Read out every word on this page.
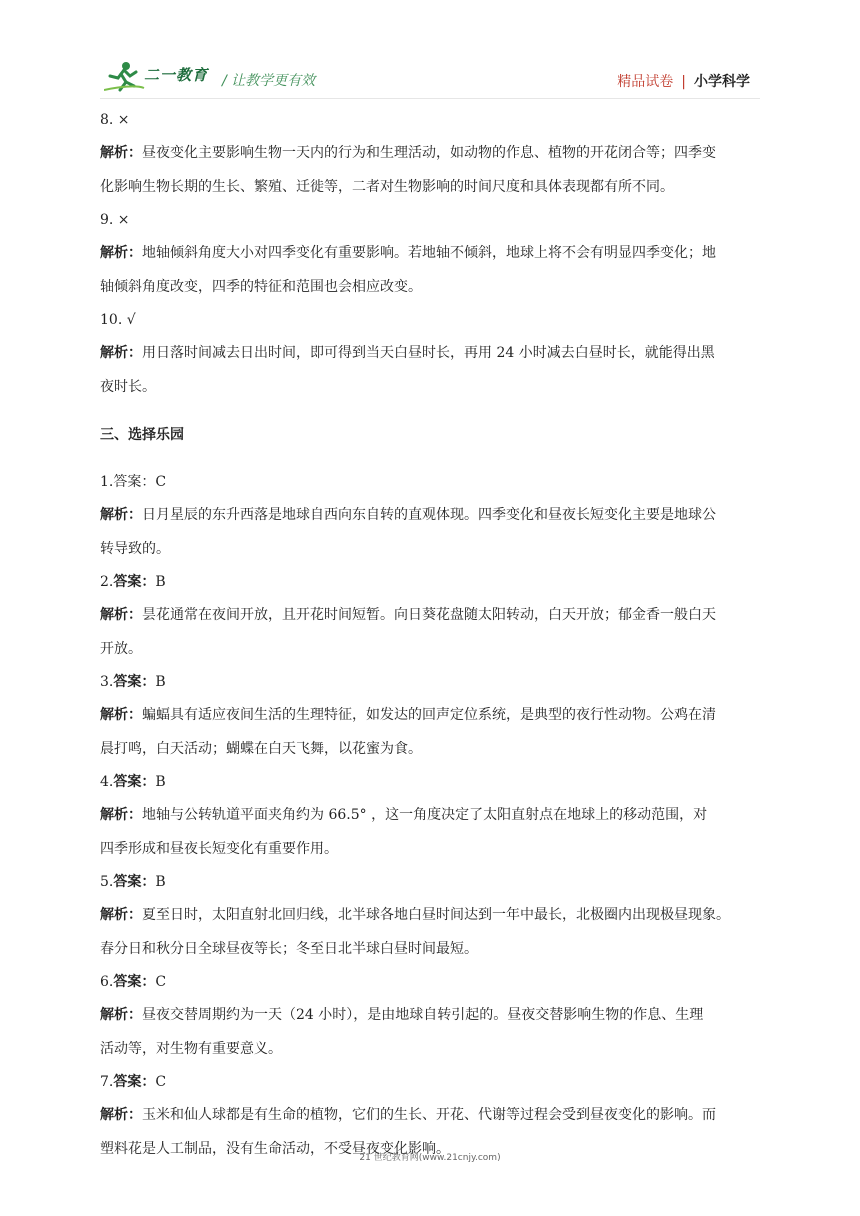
二一教育 / 让教学更有效	精品试卷 | 小学科学

8. ×

解析：昼夜变化主要影响生物一天内的行为和生理活动，如动物的作息、植物的开花闭合等；四季变

化影响生物长期的生长、繁殖、迁徙等，二者对生物影响的时间尺度和具体表现都有所不同。

9. ×

解析：地轴倾斜角度大小对四季变化有重要影响。若地轴不倾斜，地球上将不会有明显四季变化；地

轴倾斜角度改变，四季的特征和范围也会相应改变。

10. √

解析：用日落时间减去日出时间，即可得到当天白昼时长，再用 24 小时减去白昼时长，就能得出黑

夜时长。

三、选择乐园

1.答案：C

解析：日月星辰的东升西落是地球自西向东自转的直观体现。四季变化和昼夜长短变化主要是地球公

转导致的。

2.答案：B

解析：昙花通常在夜间开放，且开花时间短暂。向日葵花盘随太阳转动，白天开放；郁金香一般白天

开放。

3.答案：B

解析：蝙蝠具有适应夜间生活的生理特征，如发达的回声定位系统，是典型的夜行性动物。公鸡在清

晨打鸣，白天活动；蝴蝶在白天飞舞，以花蜜为食。

4.答案：B

解析：地轴与公转轨道平面夹角约为 66.5° ，这一角度决定了太阳直射点在地球上的移动范围，对

四季形成和昼夜长短变化有重要作用。

5.答案：B

解析：夏至日时，太阳直射北回归线，北半球各地白昼时间达到一年中最长，北极圈内出现极昼现象。

春分日和秋分日全球昼夜等长；冬至日北半球白昼时间最短。

6.答案：C

解析：昼夜交替周期约为一天（24 小时），是由地球自转引起的。昼夜交替影响生物的作息、生理

活动等，对生物有重要意义。

7.答案：C

解析：玉米和仙人球都是有生命的植物，它们的生长、开花、代谢等过程会受到昼夜变化的影响。而

塑料花是人工制品，没有生命活动，不受昼夜变化影响。

21 世纪教育网(www.21cnjy.com)
